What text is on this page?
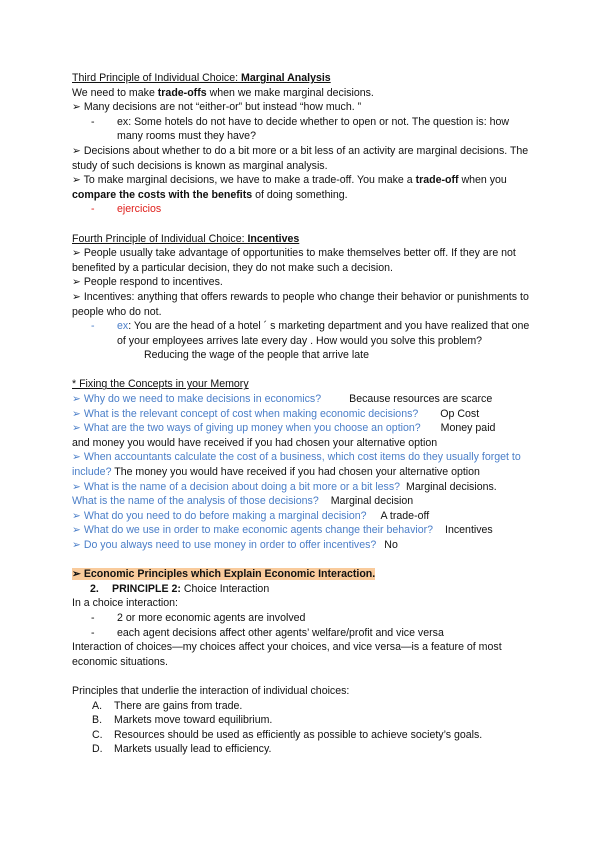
Third Principle of Individual Choice: Marginal Analysis
We need to make trade-offs when we make marginal decisions.
➢ Many decisions are not “either-or” but instead “how much. ”
-	ex: Some hotels do not have to decide whether to open or not. The question is: how many rooms must they have?
➢ Decisions about whether to do a bit more or a bit less of an activity are marginal decisions. The study of such decisions is known as marginal analysis.
➢ To make marginal decisions, we have to make a trade-off. You make a trade-off when you compare the costs with the benefits of doing something.
-	ejercicios
Fourth Principle of Individual Choice: Incentives
➢ People usually take advantage of opportunities to make themselves better off. If they are not benefited by a particular decision, they do not make such a decision.
➢ People respond to incentives.
➢ Incentives: anything that offers rewards to people who change their behavior or punishments to people who do not.
-	ex: You are the head of a hotel ´ s marketing department and you have realized that one of your employees arrives late every day . How would you solve this problem?
Reducing the wage of the people that arrive late
* Fixing the Concepts in your Memory
➢ Why do we need to make decisions in economics?	Because resources are scarce
➢ What is the relevant concept of cost when making economic decisions? Op Cost
➢ What are the two ways of giving up money when you choose an option? Money paid
and money you would have received if you had chosen your alternative option
➢ When accountants calculate the cost of a business, which cost items do they usually forget to include? The money you would have received if you had chosen your alternative option
➢ What is the name of a decision about doing a bit more or a bit less? Marginal decisions.
What is the name of the analysis of those decisions? Marginal decision
➢ What do you need to do before making a marginal decision? A trade-off
➢ What do we use in order to make economic agents change their behavior? Incentives
➢ Do you always need to use money in order to offer incentives? No
➢ Economic Principles which Explain Economic Interaction.
2.	PRINCIPLE 2: Choice Interaction
In a choice interaction:
-	2 or more economic agents are involved
-	each agent decisions affect other agents’ welfare/profit and vice versa
Interaction of choices—my choices affect your choices, and vice versa—is a feature of most economic situations.
Principles that underlie the interaction of individual choices:
A.	There are gains from trade.
B.	Markets move toward equilibrium.
C.	Resources should be used as efficiently as possible to achieve society’s goals.
D.	Markets usually lead to efficiency.
